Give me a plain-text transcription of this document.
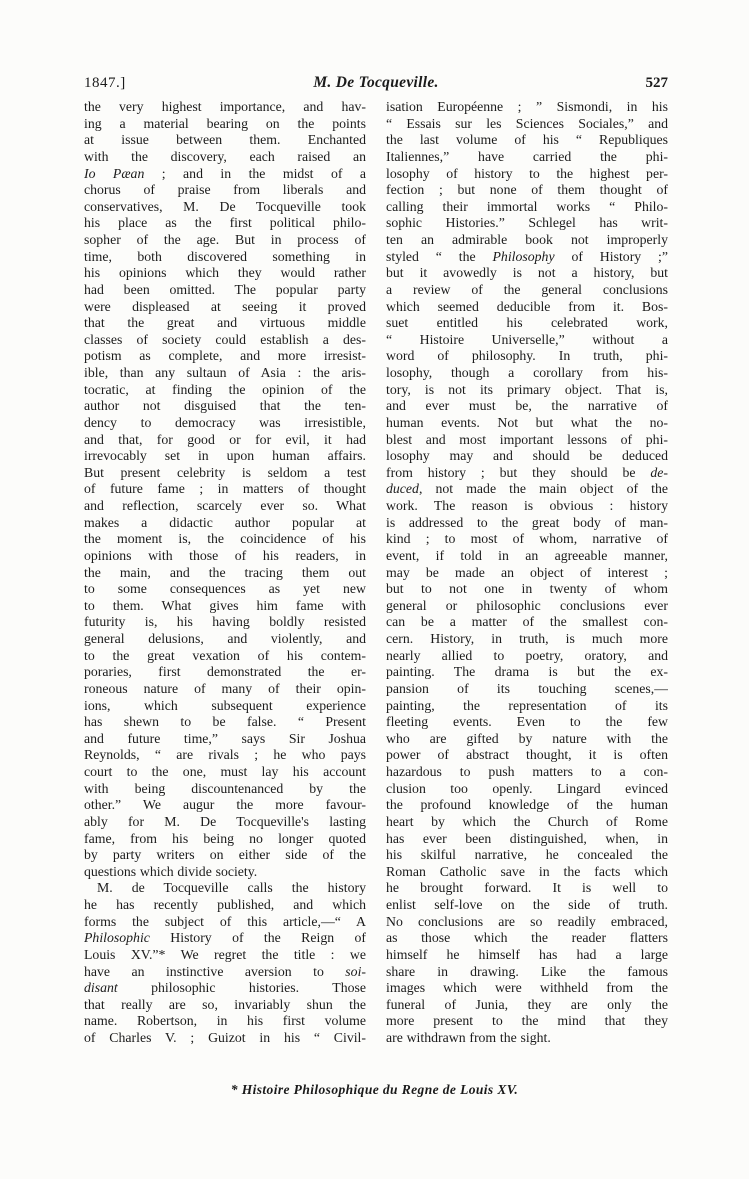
1847.]	M. De Tocqueville.	527
the very highest importance, and hav-
ing a material bearing on the points
at issue between them. Enchanted
with the discovery, each raised an
Io Pæan ; and in the midst of a
chorus of praise from liberals and
conservatives, M. De Tocqueville took
his place as the first political philo-
sopher of the age. But in process of
time, both discovered something in
his opinions which they would rather
had been omitted. The popular party
were displeased at seeing it proved
that the great and virtuous middle
classes of society could establish a des-
potism as complete, and more irresist-
ible, than any sultaun of Asia : the aris-
tocratic, at finding the opinion of the
author not disguised that the ten-
dency to democracy was irresistible,
and that, for good or for evil, it had
irrevocably set in upon human affairs.
But present celebrity is seldom a test
of future fame ; in matters of thought
and reflection, scarcely ever so. What
makes a didactic author popular at
the moment is, the coincidence of his
opinions with those of his readers, in
the main, and the tracing them out
to some consequences as yet new
to them. What gives him fame with
futurity is, his having boldly resisted
general delusions, and violently, and
to the great vexation of his contem-
poraries, first demonstrated the er-
roneous nature of many of their opin-
ions, which subsequent experience
has shewn to be false. “ Present
and future time,” says Sir Joshua
Reynolds, “ are rivals ; he who pays
court to the one, must lay his account
with being discountenanced by the
other.” We augur the more favour-
ably for M. De Tocqueville's lasting
fame, from his being no longer quoted
by party writers on either side of the
questions which divide society.
M. de Tocqueville calls the history
he has recently published, and which
forms the subject of this article,—“ A
Philosophic History of the Reign of
Louis XV.”* We regret the title : we
have an instinctive aversion to soi-
disant philosophic histories. Those
that really are so, invariably shun the
name. Robertson, in his first volume
of Charles V. ; Guizot in his “ Civil-
isation Européenne ; ” Sismondi, in his
“ Essais sur les Sciences Sociales,” and
the last volume of his “ Republiques
Italiennes,” have carried the phi-
losophy of history to the highest per-
fection ; but none of them thought of
calling their immortal works “ Philo-
sophic Histories.” Schlegel has writ-
ten an admirable book not improperly
styled “ the Philosophy of History ;”
but it avowedly is not a history, but
a review of the general conclusions
which seemed deducible from it. Bos-
suet entitled his celebrated work,
“ Histoire Universelle,” without a
word of philosophy. In truth, phi-
losophy, though a corollary from his-
tory, is not its primary object. That is,
and ever must be, the narrative of
human events. Not but what the no-
blest and most important lessons of phi-
losophy may and should be deduced
from history ; but they should be de-
duced, not made the main object of the
work. The reason is obvious : history
is addressed to the great body of man-
kind ; to most of whom, narrative of
event, if told in an agreeable manner,
may be made an object of interest ;
but to not one in twenty of whom
general or philosophic conclusions ever
can be a matter of the smallest con-
cern. History, in truth, is much more
nearly allied to poetry, oratory, and
painting. The drama is but the ex-
pansion of its touching scenes,—
painting, the representation of its
fleeting events. Even to the few
who are gifted by nature with the
power of abstract thought, it is often
hazardous to push matters to a con-
clusion too openly. Lingard evinced
the profound knowledge of the human
heart by which the Church of Rome
has ever been distinguished, when, in
his skilful narrative, he concealed the
Roman Catholic save in the facts which
he brought forward. It is well to
enlist self-love on the side of truth.
No conclusions are so readily embraced,
as those which the reader flatters
himself he himself has had a large
share in drawing. Like the famous
images which were withheld from the
funeral of Junia, they are only the
more present to the mind that they
are withdrawn from the sight.
* Histoire Philosophique du Regne de Louis XV.
